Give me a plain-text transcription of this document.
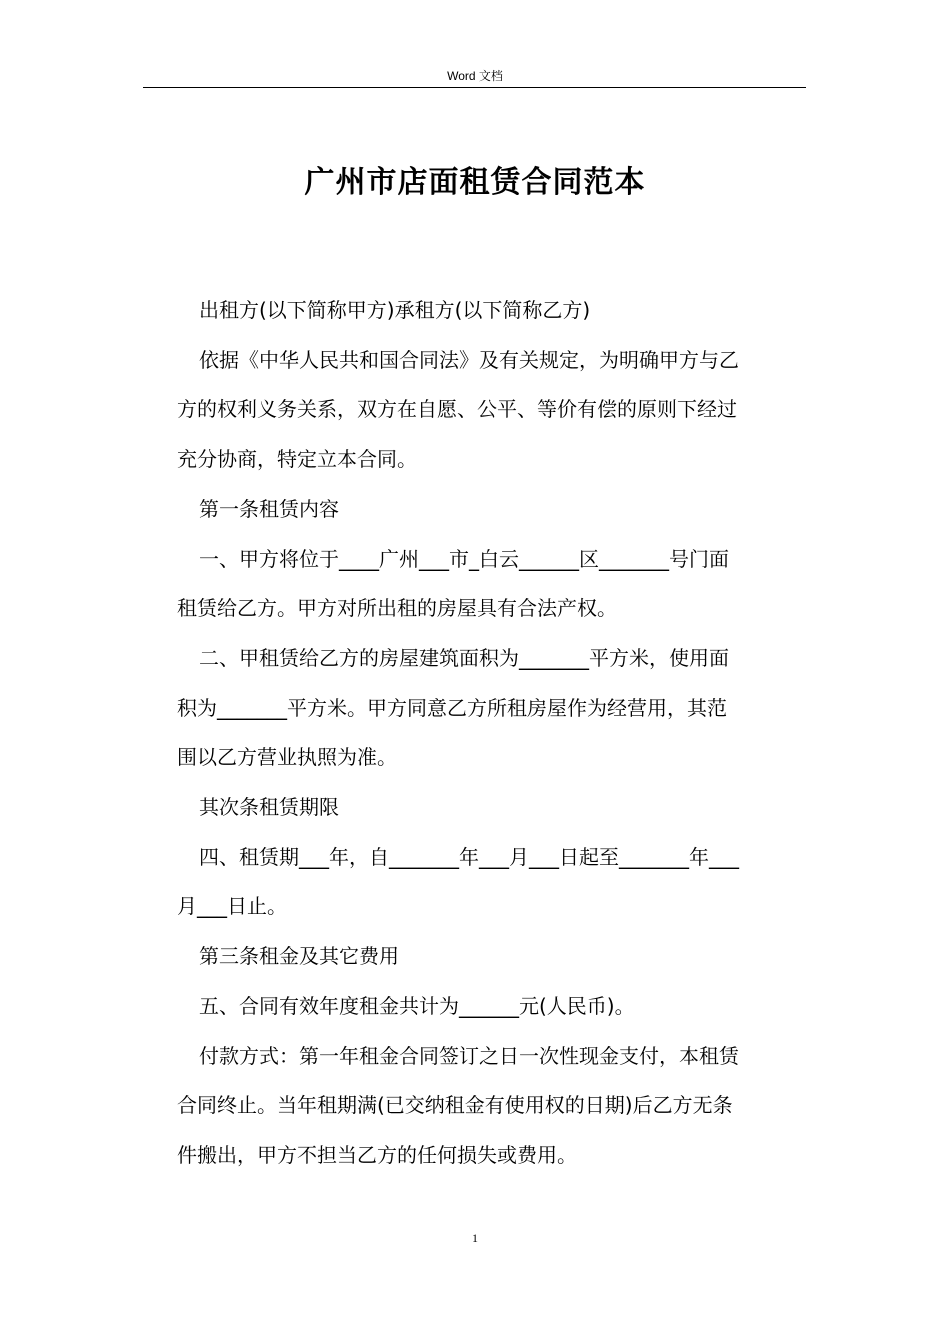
Word 文档
广州市店面租赁合同范本

出租方(以下简称甲方)承租方(以下简称乙方)

依据《中华人民共和国合同法》及有关规定，为明确甲方与乙

方的权利义务关系，双方在自愿、公平、等价有偿的原则下经过

充分协商，特定立本合同。

第一条租赁内容

一、甲方将位于____广州___市_白云______区_______号门面

租赁给乙方。甲方对所出租的房屋具有合法产权。

二、甲租赁给乙方的房屋建筑面积为_______平方米，使用面

积为_______平方米。甲方同意乙方所租房屋作为经营用，其范

围以乙方营业执照为准。

其次条租赁期限

四、租赁期___年，自_______年___月___日起至_______年___

月___日止。

第三条租金及其它费用

五、合同有效年度租金共计为______元(人民币)。

付款方式：第一年租金合同签订之日一次性现金支付，本租赁

合同终止。当年租期满(已交纳租金有使用权的日期)后乙方无条

件搬出，甲方不担当乙方的任何损失或费用。

1
